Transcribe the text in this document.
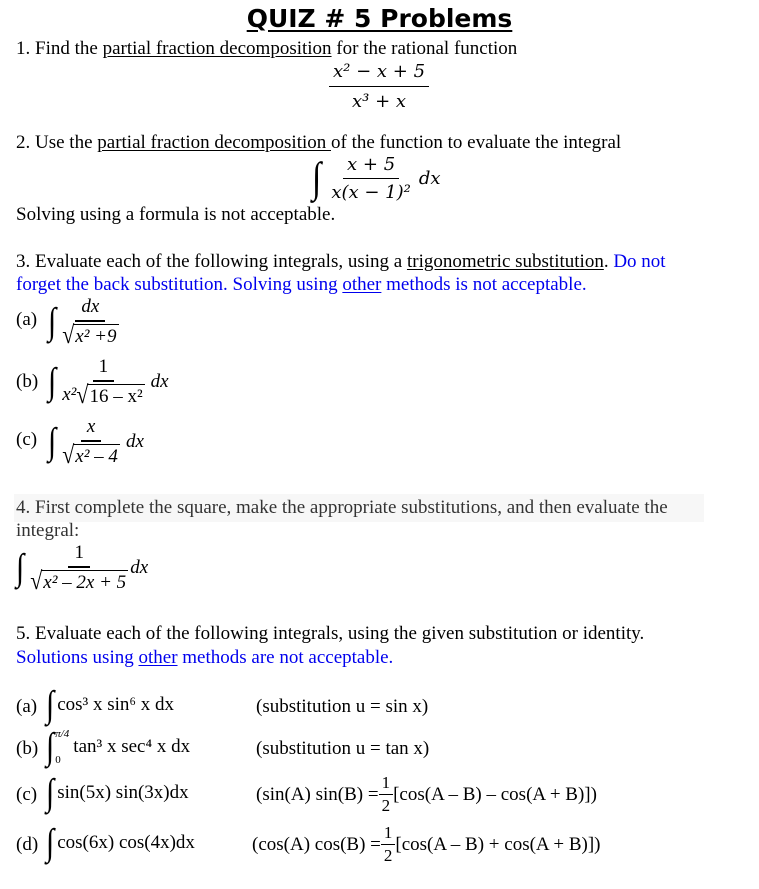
QUIZ # 5 Problems
1. Find the partial fraction decomposition for the rational function
$\frac{\text{x² − x + 5}}{\text{x³ + x}}$
2. Use the partial fraction decomposition of the function to evaluate the integral
∫ $\frac{x + 5}{\text{x(x − 1)²}}$ dx
Solving using a formula is not acceptable.
3. Evaluate each of the following integrals, using a trigonometric substitution. Do not
forget the back substitution. Solving using other methods is not acceptable.
(a) ∫ $\frac{dx}{\text{√ x² +9}}$
(b) ∫ $\frac{1}{\text{x² √ 16 – x²}}$ dx
(c) ∫ $\frac{x}{\text{√ x² – 4}}$ dx
4. First complete the square, make the appropriate substitutions, and then evaluate the
integral:
∫ $\frac{1}{\text{√ x² – 2x + 5}}$ dx
5. Evaluate each of the following integrals, using the given substitution or identity.
Solutions using other methods are not acceptable.
(a) ∫ cos³ x sin⁶ x dx	(substitution u = sin x)
(b) ∫ π/4
0
tan³ x sec⁴ x dx	(substitution u = tan x)
(c) ∫ sin(5x) sin(3x)dx	(sin(A) $\sin(B) = \frac{1}{2} [\cos(A - B) - \cos(A + B)]$)
(d) ∫ cos(6x) cos(4x)dx	(cos(A) $\cos(B) = \frac{1}{2} [\cos(A - B) + \cos(A + B)]$)
